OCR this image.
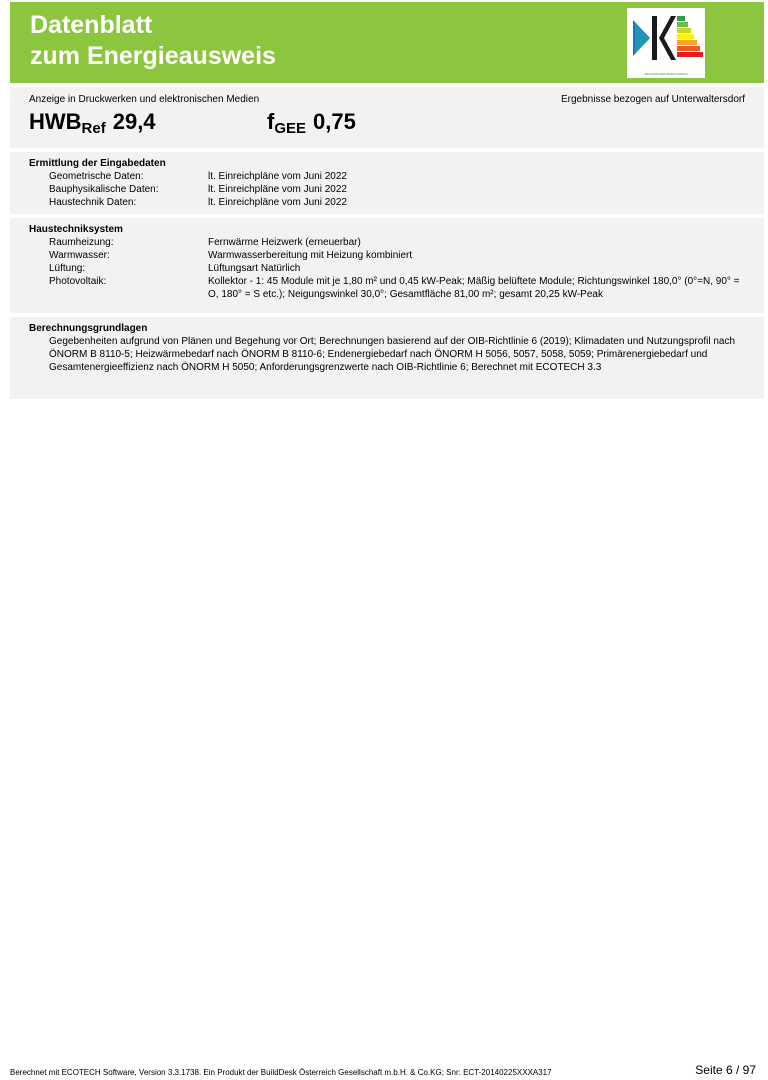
Datenblatt
zum Energieausweis
TECHNISCHES BÜRO KIRSCH
Anzeige in Druckwerken und elektronischen Medien	Ergebnisse bezogen auf Unterwaltersdorf
$HWB_{Ref}$ 29,4	$f_{GEE}$ 0,75
Ermittlung der Eingabedaten
Geometrische Daten:	lt. Einreichpläne vom Juni 2022
Bauphysikalische Daten:	lt. Einreichpläne vom Juni 2022
Haustechnik Daten:	lt. Einreichpläne vom Juni 2022
Haustechniksystem
Raumheizung:	Fernwärme Heizwerk (erneuerbar)
Warmwasser:	Warmwasserbereitung mit Heizung kombiniert
Lüftung:	Lüftungsart Natürlich
Photovoltaik:	Kollektor - 1: 45 Module mit je 1,80 m² und 0,45 kW-Peak; Mäßig belüftete Module; Richtungswinkel 180,0° (0°=N, 90° = O, 180° = S etc.); Neigungswinkel 30,0°; Gesamtfläche 81,00 m²; gesamt 20,25 kW-Peak
Berechnungsgrundlagen
Gegebenheiten aufgrund von Plänen und Begehung vor Ort; Berechnungen basierend auf der OIB-Richtlinie 6 (2019); Klimadaten und Nutzungsprofil nach ÖNORM B 8110-5; Heizwärmebedarf nach ÖNORM B 8110-6; Endenergiebedarf nach ÖNORM H 5056, 5057, 5058, 5059; Primärenergiebedarf und Gesamtenergieeffizienz nach ÖNORM H 5050; Anforderungsgrenzwerte nach OIB-Richtlinie 6; Berechnet mit ECOTECH 3.3
Berechnet mit ECOTECH Software, Version 3.3.1738. Ein Produkt der BuildDesk Österreich Gesellschaft m.b.H. & Co.KG; Snr: ECT-20140225XXXA317	Seite 6 / 97
